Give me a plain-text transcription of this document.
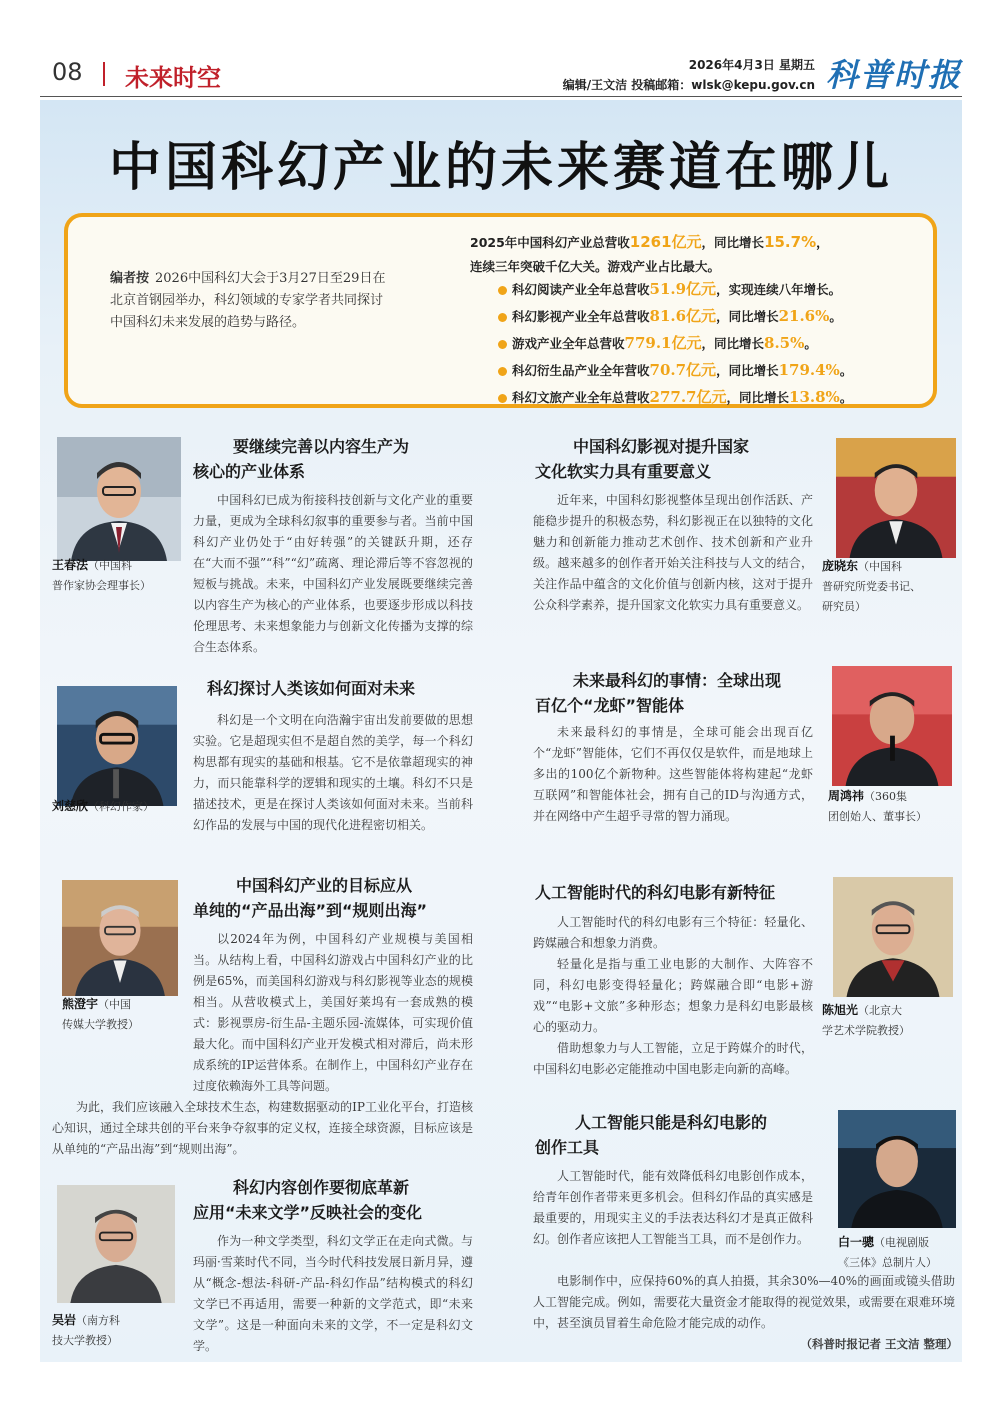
08 未来时空	2026年4月3日 星期五
编辑/王文洁 投稿邮箱：wlsk@kepu.gov.cn 科普时报
中国科幻产业的未来赛道在哪儿
编者按 2026中国科幻大会于3月27日至29日在北京首钢园举办，科幻领域的专家学者共同探讨中国科幻未来发展的趋势与路径。
2025年中国科幻产业总营收1261亿元，同比增长15.7%，
连续三年突破千亿大关。游戏产业占比最大。
科幻阅读产业全年总营收51.9亿元，实现连续八年增长。
科幻影视产业全年总营收81.6亿元，同比增长21.6%。
游戏产业全年总营收779.1亿元，同比增长8.5%。
科幻衍生品产业全年营收70.7亿元，同比增长179.4%。
科幻文旅产业全年总营收277.7亿元，同比增长13.8%。
要继续完善以内容生产为
核心的产业体系
中国科幻已成为衔接科技创新与文化产业的重要力量，更成为全球科幻叙事的重要参与者。当前中国科幻产业仍处于“由好转强”的关键跃升期，还存在“大而不强”“科”“幻”疏离、理论滞后等不容忽视的短板与挑战。未来，中国科幻产业发展既要继续完善以内容生产为核心的产业体系，也要逐步形成以科技伦理思考、未来想象能力与创新文化传播为支撑的综合生态体系。
王春法（中国科
普作家协会理事长）
科幻探讨人类该如何面对未来
科幻是一个文明在向浩瀚宇宙出发前要做的思想实验。它是超现实但不是超自然的美学，每一个科幻构思都有现实的基础和根基。它不是依靠超现实的神力，而只能靠科学的逻辑和现实的土壤。科幻不只是描述技术，更是在探讨人类该如何面对未来。当前科幻作品的发展与中国的现代化进程密切相关。
刘慈欣（科幻作家）
中国科幻产业的目标应从
单纯的“产品出海”到“规则出海”
以2024年为例，中国科幻产业规模与美国相当。从结构上看，中国科幻游戏占中国科幻产业的比例是65%，而美国科幻游戏与科幻影视等业态的规模相当。从营收模式上，美国好莱坞有一套成熟的模式：影视票房-衍生品-主题乐园-流媒体，可实现价值最大化。而中国科幻产业开发模式相对滞后，尚未形成系统的IP运营体系。在制作上，中国科幻产业存在过度依赖海外工具等问题。
为此，我们应该融入全球技术生态，构建数据驱动的IP工业化平台，打造核心知识，通过全球共创的平台来争夺叙事的定义权，连接全球资源，目标应该是从单纯的“产品出海”到“规则出海”。
熊澄宇（中国
传媒大学教授）
科幻内容创作要彻底革新
应用“未来文学”反映社会的变化
作为一种文学类型，科幻文学正在走向式微。与玛丽·雪莱时代不同，当今时代科技发展日新月异，遵从“概念-想法-科研-产品-科幻作品”结构模式的科幻文学已不再适用，需要一种新的文学范式，即“未来文学”。这是一种面向未来的文学，不一定是科幻文学。
吴岩（南方科
技大学教授）
中国科幻影视对提升国家
文化软实力具有重要意义
近年来，中国科幻影视整体呈现出创作活跃、产能稳步提升的积极态势，科幻影视正在以独特的文化魅力和创新能力推动艺术创作、技术创新和产业升级。越来越多的创作者开始关注科技与人文的结合，关注作品中蕴含的文化价值与创新内核，这对于提升公众科学素养，提升国家文化软实力具有重要意义。
庞晓东（中国科
普研究所党委书记、
研究员）
未来最科幻的事情：全球出现
百亿个“龙虾”智能体
未来最科幻的事情是，全球可能会出现百亿个“龙虾”智能体，它们不再仅仅是软件，而是地球上多出的100亿个新物种。这些智能体将构建起“龙虾互联网”和智能体社会，拥有自己的ID与沟通方式，并在网络中产生超乎寻常的智力涌现。
周鸿祎（360集
团创始人、董事长）
人工智能时代的科幻电影有新特征
人工智能时代的科幻电影有三个特征：轻量化、跨媒融合和想象力消费。
轻量化是指与重工业电影的大制作、大阵容不同，科幻电影变得轻量化；跨媒融合即“电影+游戏”“电影+文旅”多种形态；想象力是科幻电影最核心的驱动力。
借助想象力与人工智能，立足于跨媒介的时代，中国科幻电影必定能推动中国电影走向新的高峰。
陈旭光（北京大
学艺术学院教授）
人工智能只能是科幻电影的
创作工具
人工智能时代，能有效降低科幻电影创作成本，给青年创作者带来更多机会。但科幻作品的真实感是最重要的，用现实主义的手法表达科幻才是真正做科幻。创作者应该把人工智能当工具，而不是创作力。
电影制作中，应保持60%的真人拍摄，其余30%—40%的画面或镜头借助人工智能完成。例如，需要花大量资金才能取得的视觉效果，或需要在艰难环境中，甚至演员冒着生命危险才能完成的动作。
（科普时报记者 王文洁 整理）
白一骢（电视剧版
《三体》总制片人）
